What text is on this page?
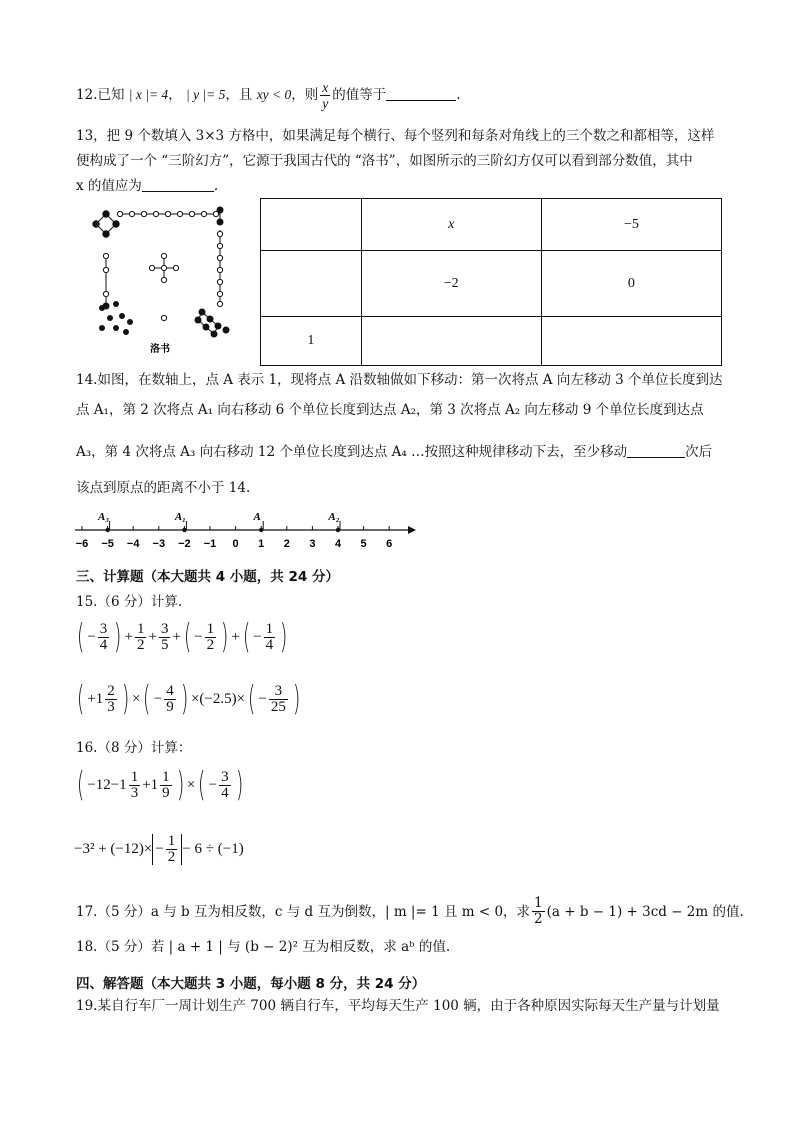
12.已知 | x |= 4， | y |= 5，且 xy < 0，则 $\frac{x}{y}$ 的值等于	.
13，把 9 个数填入 3×3 方格中，如果满足每个横行、每个竖列和每条对角线上的三个数之和都相等，这样
便构成了一个 “三阶幻方”，它源于我国古代的 “洛书”，如图所示的三阶幻方仅可以看到部分数值，其中
x 的值应为	.
洛书
	x	−5
	−2	0
1		
14.如图，在数轴上，点 A 表示 1，现将点 A 沿数轴做如下移动：第一次将点 A 向左移动 3 个单位长度到达
点 A₁，第 2 次将点 A₁ 向右移动 6 个单位长度到达点 A₂，第 3 次将点 A₂ 向左移动 9 个单位长度到达点
A₃，第 4 次将点 A₃ 向右移动 12 个单位长度到达点 A₄ …按照这种规律移动下去，至少移动	次后
该点到原点的距离不小于 14.
−6 −5 −4 −3 −2 −1 0 1 2 3 4 5 6
A₃	A₁	A	A₂
三、计算题（本大题共 4 小题，共 24 分）
15.（6 分）计算.
( − $\frac{3}{4}$ ) + $\frac{1}{2} + \frac{3}{5}$ + ( − $\frac{1}{2}$ ) + ( − $\frac{1}{4}$ )
( $+1 \frac{2}{3}$ ) × ( − $\frac{4}{9}$ ) ×(−2.5)× ( − $\frac{3}{25}$ )
16.（8 分）计算：
( $-12-1 \frac{1}{3} +1 \frac{1}{9}$ ) × ( − $\frac{3}{4}$ )
$-3^2 + (-12)\times - \frac{1}{2} - 6 \div (-1)$
17.（5 分）a 与 b 互为相反数，c 与 d 互为倒数，| m |= 1 且 m < 0，求 $\frac{1}{2} (a + b - 1) + 3cd - 2m$ 的值.
18.（5 分）若 | a + 1 | 与 (b − 2)² 互为相反数，求 aᵇ 的值.
四、解答题（本大题共 3 小题，每小题 8 分，共 24 分）
19.某自行车厂一周计划生产 700 辆自行车，平均每天生产 100 辆，由于各种原因实际每天生产量与计划量
